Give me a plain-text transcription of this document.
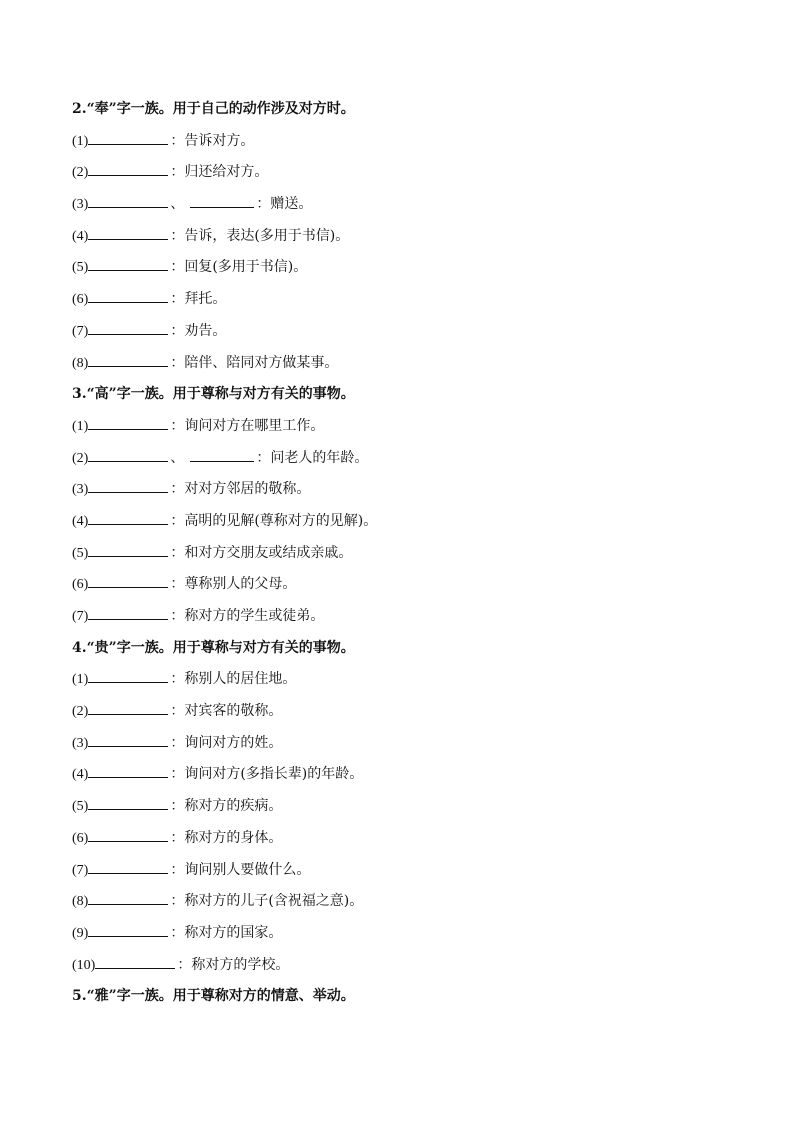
2.“奉”字一族。用于自己的动作涉及对方时。
(1)	：告诉对方。
(2)	：归还给对方。
(3)	、	：赠送。
(4)	：告诉，表达(多用于书信)。
(5)	：回复(多用于书信)。
(6)	：拜托。
(7)	：劝告。
(8)	：陪伴、陪同对方做某事。
3.“高”字一族。用于尊称与对方有关的事物。
(1)	：询问对方在哪里工作。
(2)	、	：问老人的年龄。
(3)	：对对方邻居的敬称。
(4)	：高明的见解(尊称对方的见解)。
(5)	：和对方交朋友或结成亲戚。
(6)	：尊称别人的父母。
(7)	：称对方的学生或徒弟。
4.“贵”字一族。用于尊称与对方有关的事物。
(1)	：称别人的居住地。
(2)	：对宾客的敬称。
(3)	：询问对方的姓。
(4)	：询问对方(多指长辈)的年龄。
(5)	：称对方的疾病。
(6)	：称对方的身体。
(7)	：询问别人要做什么。
(8)	：称对方的儿子(含祝福之意)。
(9)	：称对方的国家。
(10)	：称对方的学校。
5.“雅”字一族。用于尊称对方的情意、举动。
